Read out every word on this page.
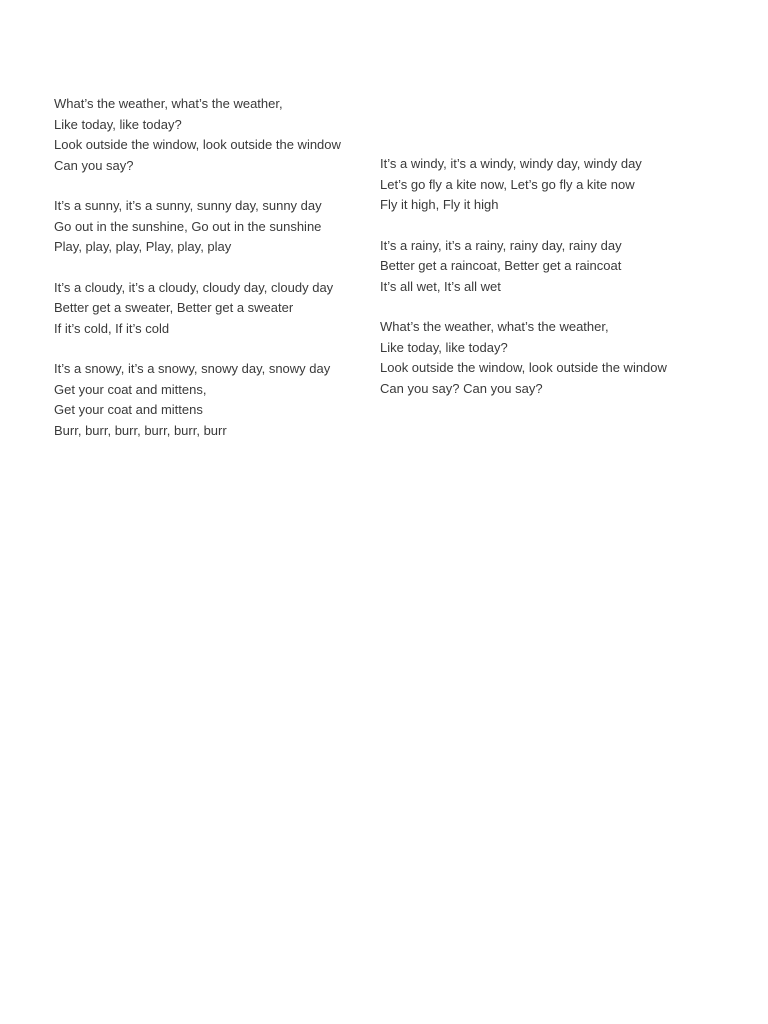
What’s the weather, what’s the weather,
Like today, like today?
Look outside the window, look outside the window
Can you say?
It’s a sunny, it’s a sunny, sunny day, sunny day
Go out in the sunshine, Go out in the sunshine
Play, play, play, Play, play, play
It’s a cloudy, it’s a cloudy, cloudy day, cloudy day
Better get a sweater, Better get a sweater
If it’s cold, If it’s cold
It’s a snowy, it’s a snowy, snowy day, snowy day
Get your coat and mittens,
Get your coat and mittens
Burr, burr, burr, burr, burr, burr
It’s a windy, it’s a windy, windy day, windy day
Let’s go fly a kite now, Let’s go fly a kite now
Fly it high, Fly it high
It’s a rainy, it’s a rainy, rainy day, rainy day
Better get a raincoat, Better get a raincoat
It’s all wet, It’s all wet
What’s the weather, what’s the weather,
Like today, like today?
Look outside the window, look outside the window
Can you say? Can you say?
